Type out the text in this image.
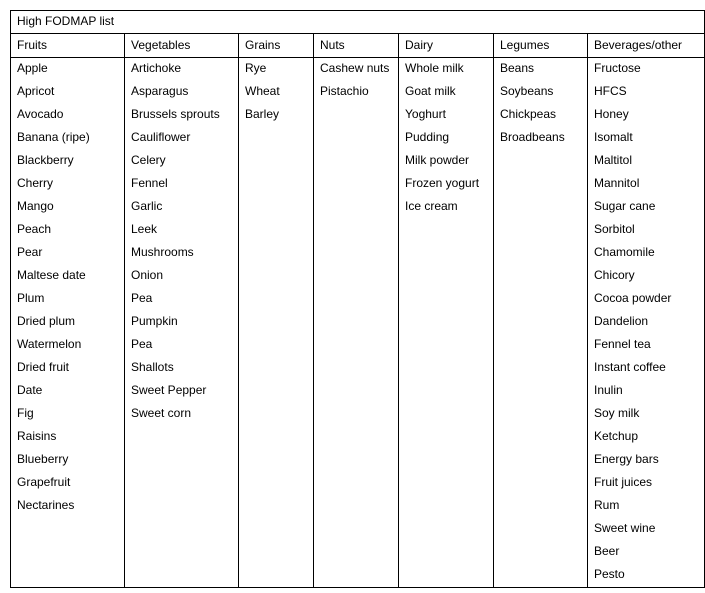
High FODMAP list
Fruits
Apple
Apricot
Avocado
Banana (ripe)
Blackberry
Cherry
Mango
Peach
Pear
Maltese date
Plum
Dried plum
Watermelon
Dried fruit
Date
Fig
Raisins
Blueberry
Grapefruit
Nectarines
Vegetables
Artichoke
Asparagus
Brussels sprouts
Cauliflower
Celery
Fennel
Garlic
Leek
Mushrooms
Onion
Pea
Pumpkin
Pea
Shallots
Sweet Pepper
Sweet corn
Grains
Rye
Wheat
Barley
Nuts
Cashew nuts
Pistachio
Dairy
Whole milk
Goat milk
Yoghurt
Pudding
Milk powder
Frozen yogurt
Ice cream
Legumes
Beans
Soybeans
Chickpeas
Broadbeans
Beverages/other
Fructose
HFCS
Honey
Isomalt
Maltitol
Mannitol
Sugar cane
Sorbitol
Chamomile
Chicory
Cocoa powder
Dandelion
Fennel tea
Instant coffee
Inulin
Soy milk
Ketchup
Energy bars
Fruit juices
Rum
Sweet wine
Beer
Pesto
